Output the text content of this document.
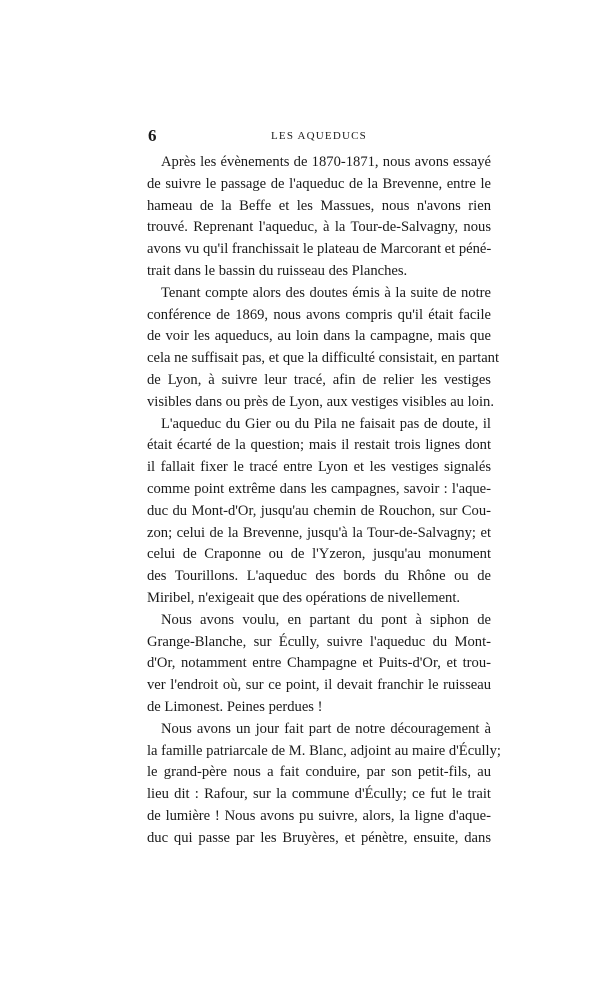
6	LES AQUEDUCS
Après les évènements de 1870-1871, nous avons essayé
de suivre le passage de l'aqueduc de la Brevenne, entre le
hameau de la Beffe et les Massues, nous n'avons rien
trouvé. Reprenant l'aqueduc, à la Tour-de-Salvagny, nous
avons vu qu'il franchissait le plateau de Marcorant et péné-
trait dans le bassin du ruisseau des Planches.
Tenant compte alors des doutes émis à la suite de notre
conférence de 1869, nous avons compris qu'il était facile
de voir les aqueducs, au loin dans la campagne, mais que
cela ne suffisait pas, et que la difficulté consistait, en partant
de Lyon, à suivre leur tracé, afin de relier les vestiges
visibles dans ou près de Lyon, aux vestiges visibles au loin.
L'aqueduc du Gier ou du Pila ne faisait pas de doute, il
était écarté de la question; mais il restait trois lignes dont
il fallait fixer le tracé entre Lyon et les vestiges signalés
comme point extrême dans les campagnes, savoir : l'aque-
duc du Mont-d'Or, jusqu'au chemin de Rouchon, sur Cou-
zon; celui de la Brevenne, jusqu'à la Tour-de-Salvagny; et
celui de Craponne ou de l'Yzeron, jusqu'au monument
des Tourillons. L'aqueduc des bords du Rhône ou de
Miribel, n'exigeait que des opérations de nivellement.
Nous avons voulu, en partant du pont à siphon de
Grange-Blanche, sur Écully, suivre l'aqueduc du Mont-
d'Or, notamment entre Champagne et Puits-d'Or, et trou-
ver l'endroit où, sur ce point, il devait franchir le ruisseau
de Limonest. Peines perdues !
Nous avons un jour fait part de notre découragement à
la famille patriarcale de M. Blanc, adjoint au maire d'Écully;
le grand-père nous a fait conduire, par son petit-fils, au
lieu dit : Rafour, sur la commune d'Écully; ce fut le trait
de lumière ! Nous avons pu suivre, alors, la ligne d'aque-
duc qui passe par les Bruyères, et pénètre, ensuite, dans
